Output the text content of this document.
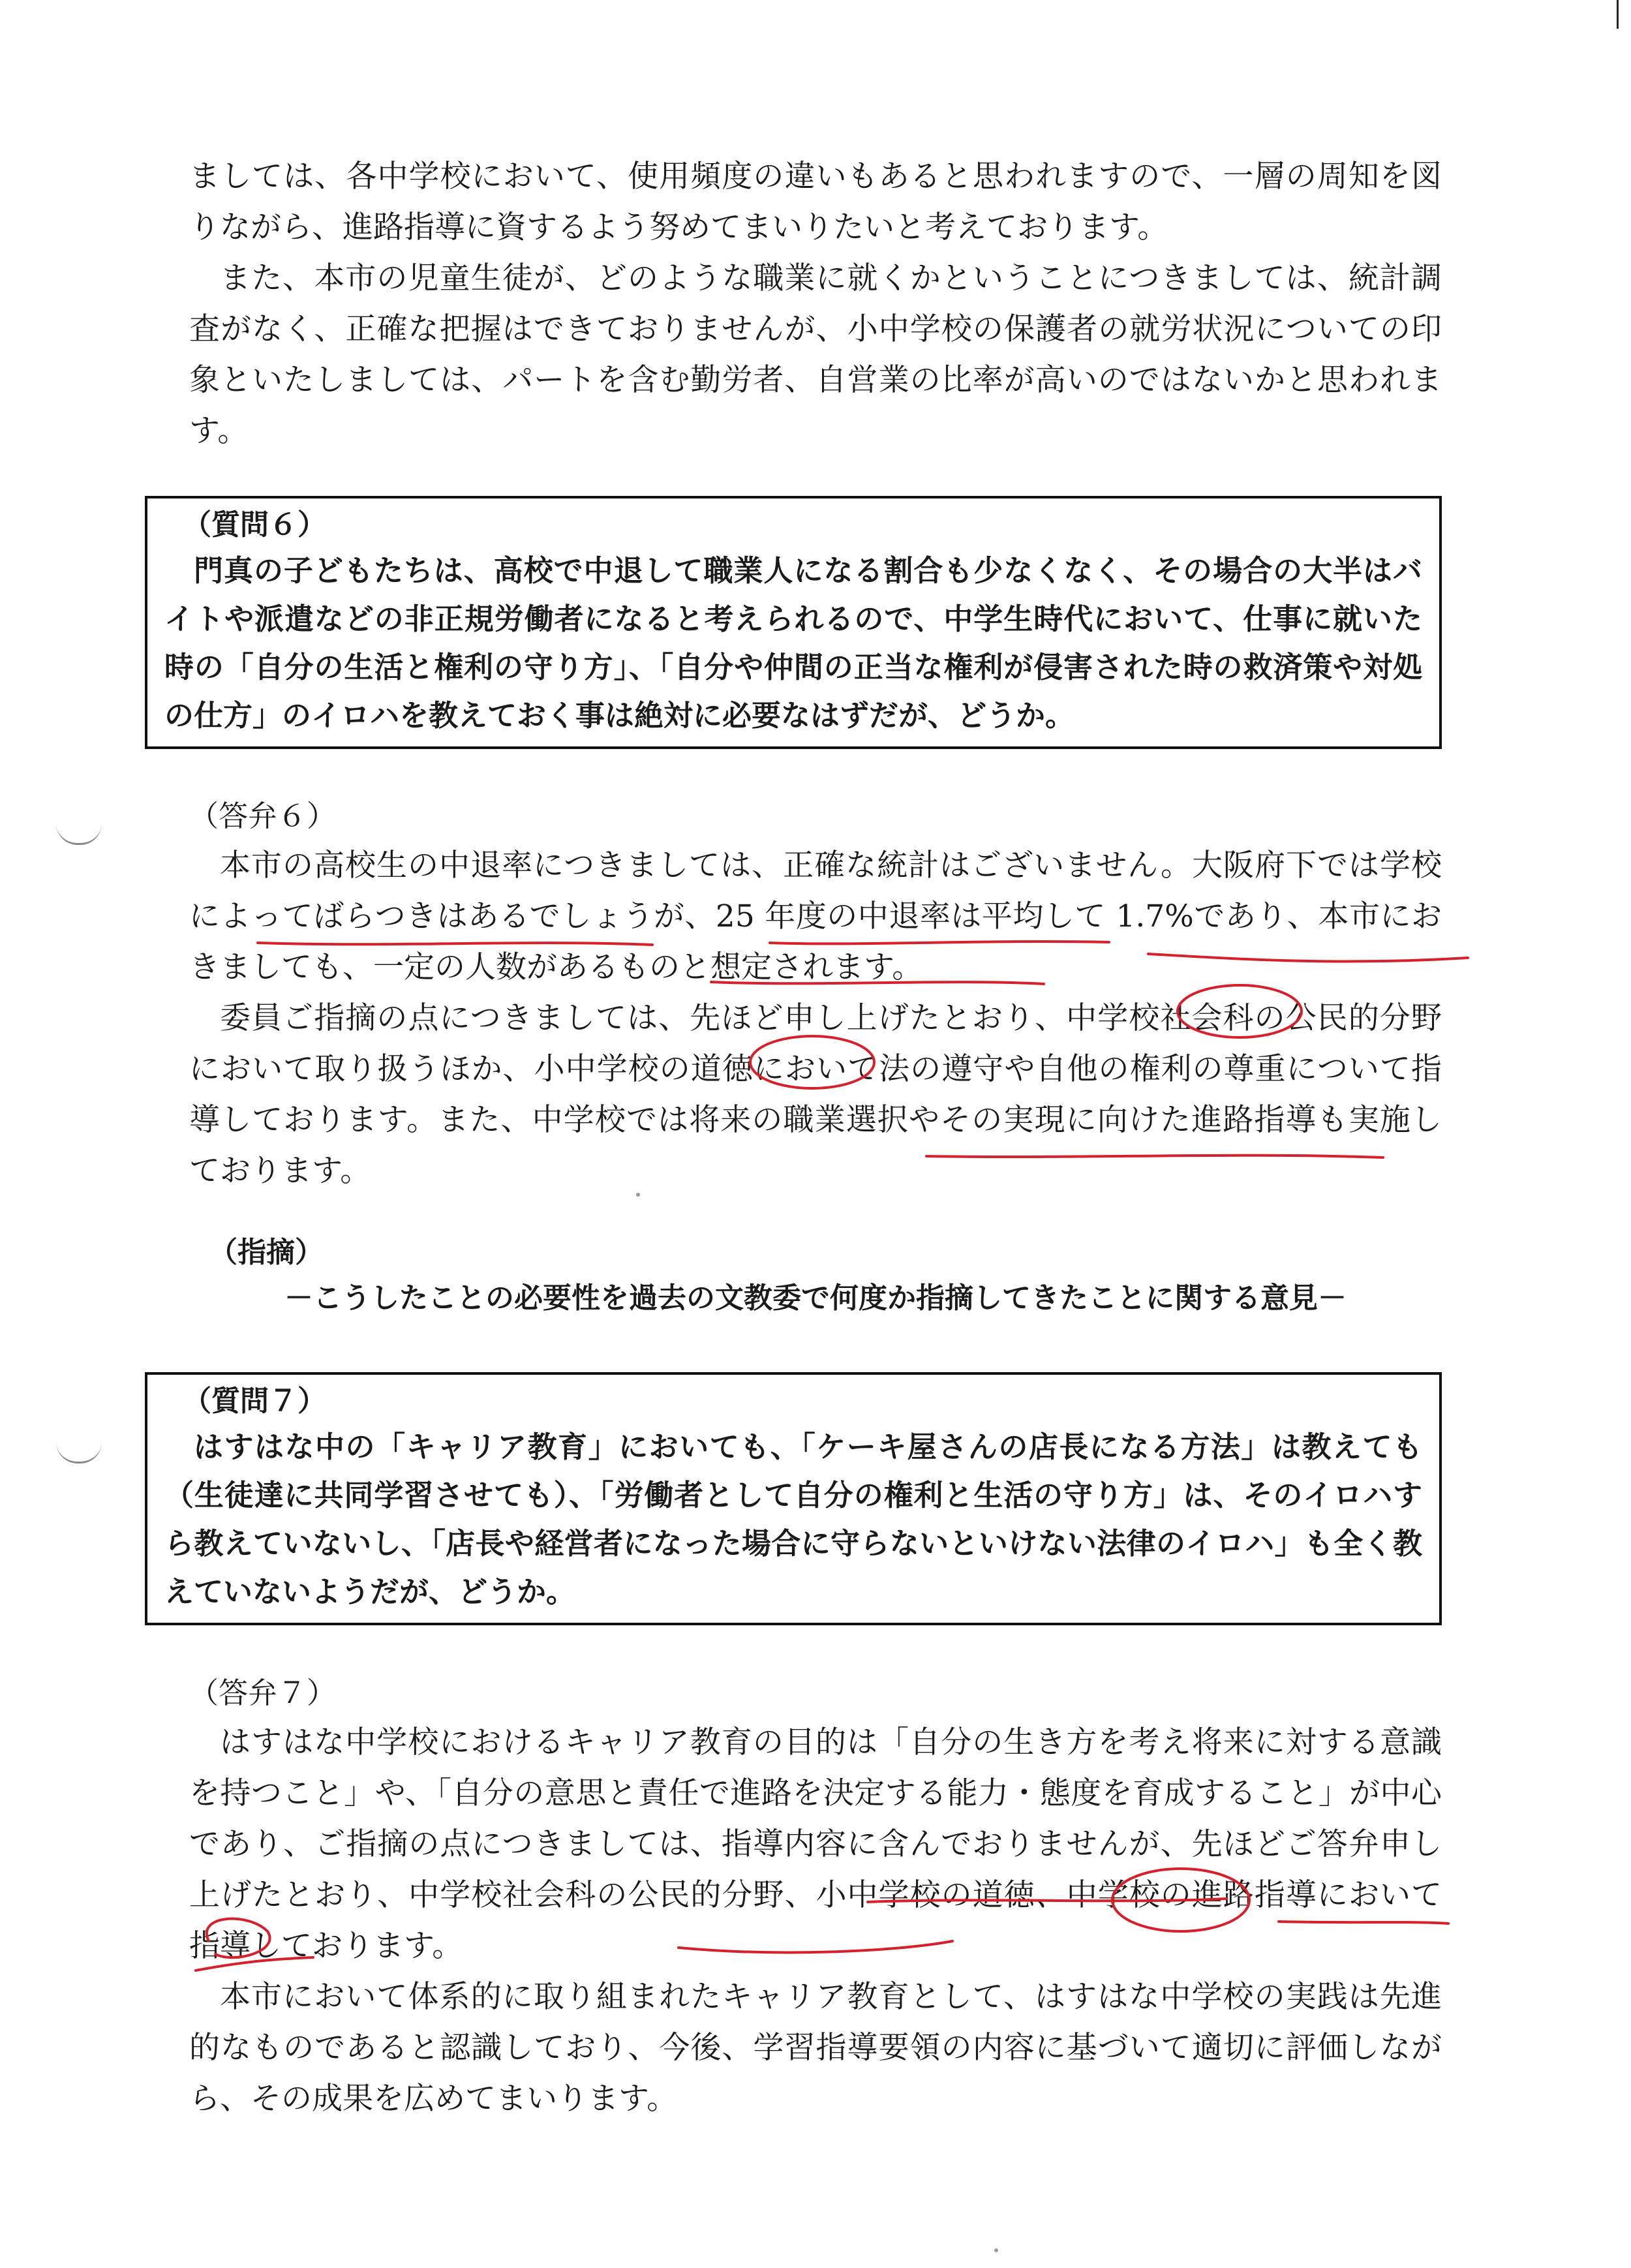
ましては、各中学校において、使用頻度の違いもあると思われますので、一層の周知を図りながら、進路指導に資するよう努めてまいりたいと考えております。

また、本市の児童生徒が、どのような職業に就くかということにつきましては、統計調査がなく、正確な把握はできておりませんが、小中学校の保護者の就労状況についての印象といたしましては、パートを含む勤労者、自営業の比率が高いのではないかと思われます。

（質問６）

門真の子どもたちは、高校で中退して職業人になる割合も少なくなく、その場合の大半はバイトや派遣などの非正規労働者になると考えられるので、中学生時代において、仕事に就いた時の「自分の生活と権利の守り方」、「自分や仲間の正当な権利が侵害された時の救済策や対処の仕方」のイロハを教えておく事は絶対に必要なはずだが、どうか。

（答弁６）

本市の高校生の中退率につきましては、正確な統計はございません。大阪府下では学校によってばらつきはあるでしょうが、25 年度の中退率は平均して 1.7%であり、本市におきましても、一定の人数があるものと想定されます。

委員ご指摘の点につきましては、先ほど申し上げたとおり、中学校社会科の公民的分野において取り扱うほか、小中学校の道徳において法の遵守や自他の権利の尊重について指導しております。また、中学校では将来の職業選択やその実現に向けた進路指導も実施しております。

（指摘）

－こうしたことの必要性を過去の文教委で何度か指摘してきたことに関する意見－

（質問７）

はすはな中の「キャリア教育」においても、「ケーキ屋さんの店長になる方法」は教えても（生徒達に共同学習させても）、「労働者として自分の権利と生活の守り方」は、そのイロハすら教えていないし、「店長や経営者になった場合に守らないといけない法律のイロハ」も全く教えていないようだが、どうか。

（答弁７）

はすはな中学校におけるキャリア教育の目的は「自分の生き方を考え将来に対する意識を持つこと」や、「自分の意思と責任で進路を決定する能力・態度を育成すること」が中心であり、ご指摘の点につきましては、指導内容に含んでおりませんが、先ほどご答弁申し上げたとおり、中学校社会科の公民的分野、小中学校の道徳、中学校の進路指導において指導しております。

本市において体系的に取り組まれたキャリア教育として、はすはな中学校の実践は先進的なものであると認識しており、今後、学習指導要領の内容に基づいて適切に評価しながら、その成果を広めてまいります。
